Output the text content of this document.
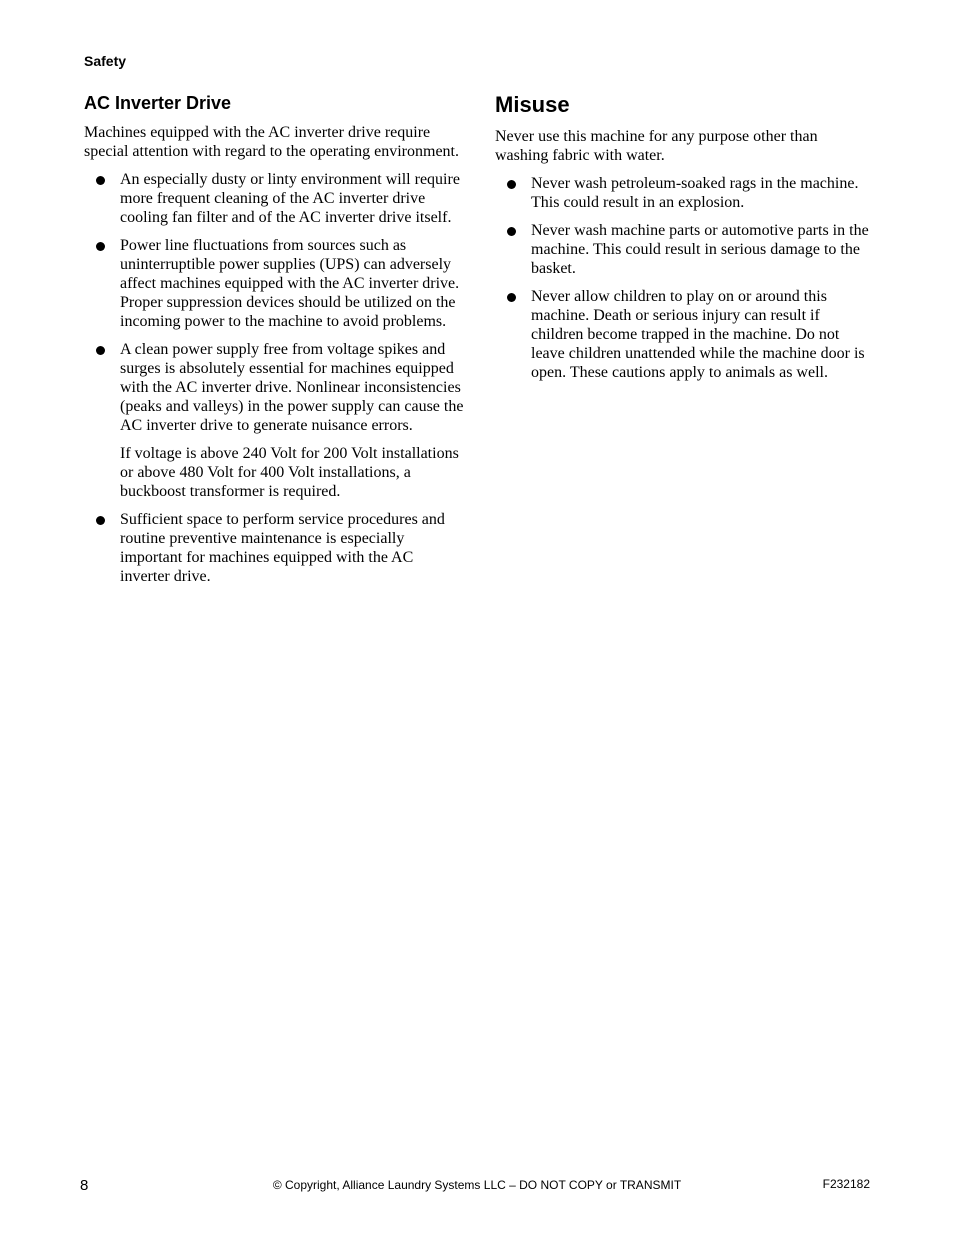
Safety
AC Inverter Drive

Machines equipped with the AC inverter drive require special attention with regard to the operating environment.

An especially dusty or linty environment will require more frequent cleaning of the AC inverter drive cooling fan filter and of the AC inverter drive itself.

Power line fluctuations from sources such as uninterruptible power supplies (UPS) can adversely affect machines equipped with the AC inverter drive. Proper suppression devices should be utilized on the incoming power to the machine to avoid problems.

A clean power supply free from voltage spikes and surges is absolutely essential for machines equipped with the AC inverter drive. Nonlinear inconsistencies (peaks and valleys) in the power supply can cause the AC inverter drive to generate nuisance errors.

If voltage is above 240 Volt for 200 Volt installations or above 480 Volt for 400 Volt installations, a buckboost transformer is required.

Sufficient space to perform service procedures and routine preventive maintenance is especially important for machines equipped with the AC inverter drive.

Misuse

Never use this machine for any purpose other than washing fabric with water.

Never wash petroleum-soaked rags in the machine. This could result in an explosion.

Never wash machine parts or automotive parts in the machine. This could result in serious damage to the basket.

Never allow children to play on or around this machine. Death or serious injury can result if children become trapped in the machine. Do not leave children unattended while the machine door is open. These cautions apply to animals as well.

8	© Copyright, Alliance Laundry Systems LLC – DO NOT COPY or TRANSMIT	F232182
